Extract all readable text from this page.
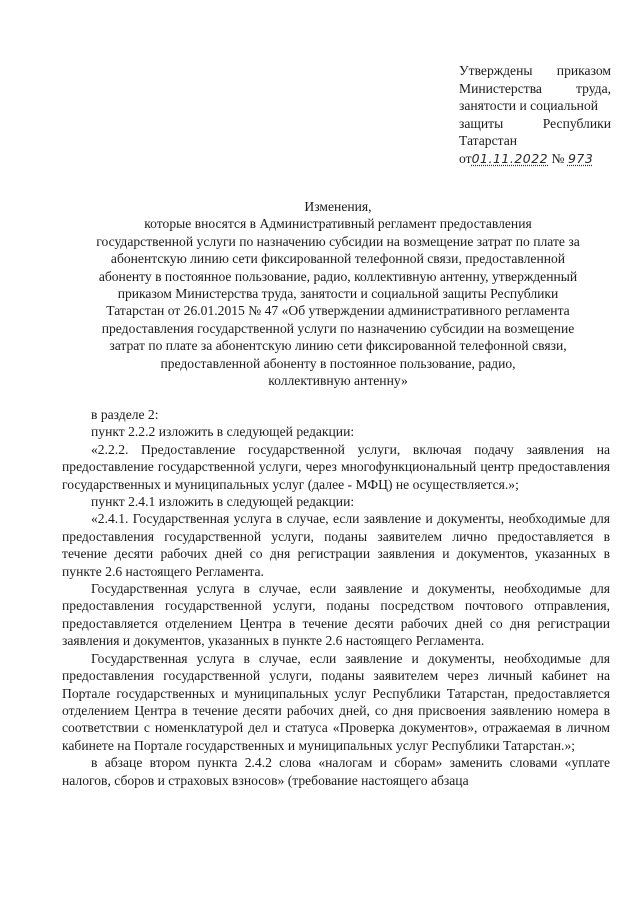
Утверждены приказом
Министерства труда,
занятости и социальной
защиты Республики
Татарстан
от01.11.2022 № 973
Изменения,
которые вносятся в Административный регламент предоставления
государственной услуги по назначению субсидии на возмещение затрат по плате за
абонентскую линию сети фиксированной телефонной связи, предоставленной
абоненту в постоянное пользование, радио, коллективную антенну, утвержденный
приказом Министерства труда, занятости и социальной защиты Республики
Татарстан от 26.01.2015 № 47 «Об утверждении административного регламента
предоставления государственной услуги по назначению субсидии на возмещение
затрат по плате за абонентскую линию сети фиксированной телефонной связи,
предоставленной абоненту в постоянное пользование, радио,
коллективную антенну»

в разделе 2:

пункт 2.2.2 изложить в следующей редакции:

«2.2.2. Предоставление государственной услуги, включая подачу заявления на предоставление государственной услуги, через многофункциональный центр предоставления государственных и муниципальных услуг (далее - МФЦ) не осуществляется.»;

пункт 2.4.1 изложить в следующей редакции:

«2.4.1. Государственная услуга в случае, если заявление и документы, необходимые для предоставления государственной услуги, поданы заявителем лично предоставляется в течение десяти рабочих дней со дня регистрации заявления и документов, указанных в пункте 2.6 настоящего Регламента.

Государственная услуга в случае, если заявление и документы, необходимые для предоставления государственной услуги, поданы посредством почтового отправления, предоставляется отделением Центра в течение десяти рабочих дней со дня регистрации заявления и документов, указанных в пункте 2.6 настоящего Регламента.

Государственная услуга в случае, если заявление и документы, необходимые для предоставления государственной услуги, поданы заявителем через личный кабинет на Портале государственных и муниципальных услуг Республики Татарстан, предоставляется отделением Центра в течение десяти рабочих дней, со дня присвоения заявлению номера в соответствии с номенклатурой дел и статуса «Проверка документов», отражаемая в личном кабинете на Портале государственных и муниципальных услуг Республики Татарстан.»;

в абзаце втором пункта 2.4.2 слова «налогам и сборам» заменить словами «уплате налогов, сборов и страховых взносов» (требование настоящего абзаца
